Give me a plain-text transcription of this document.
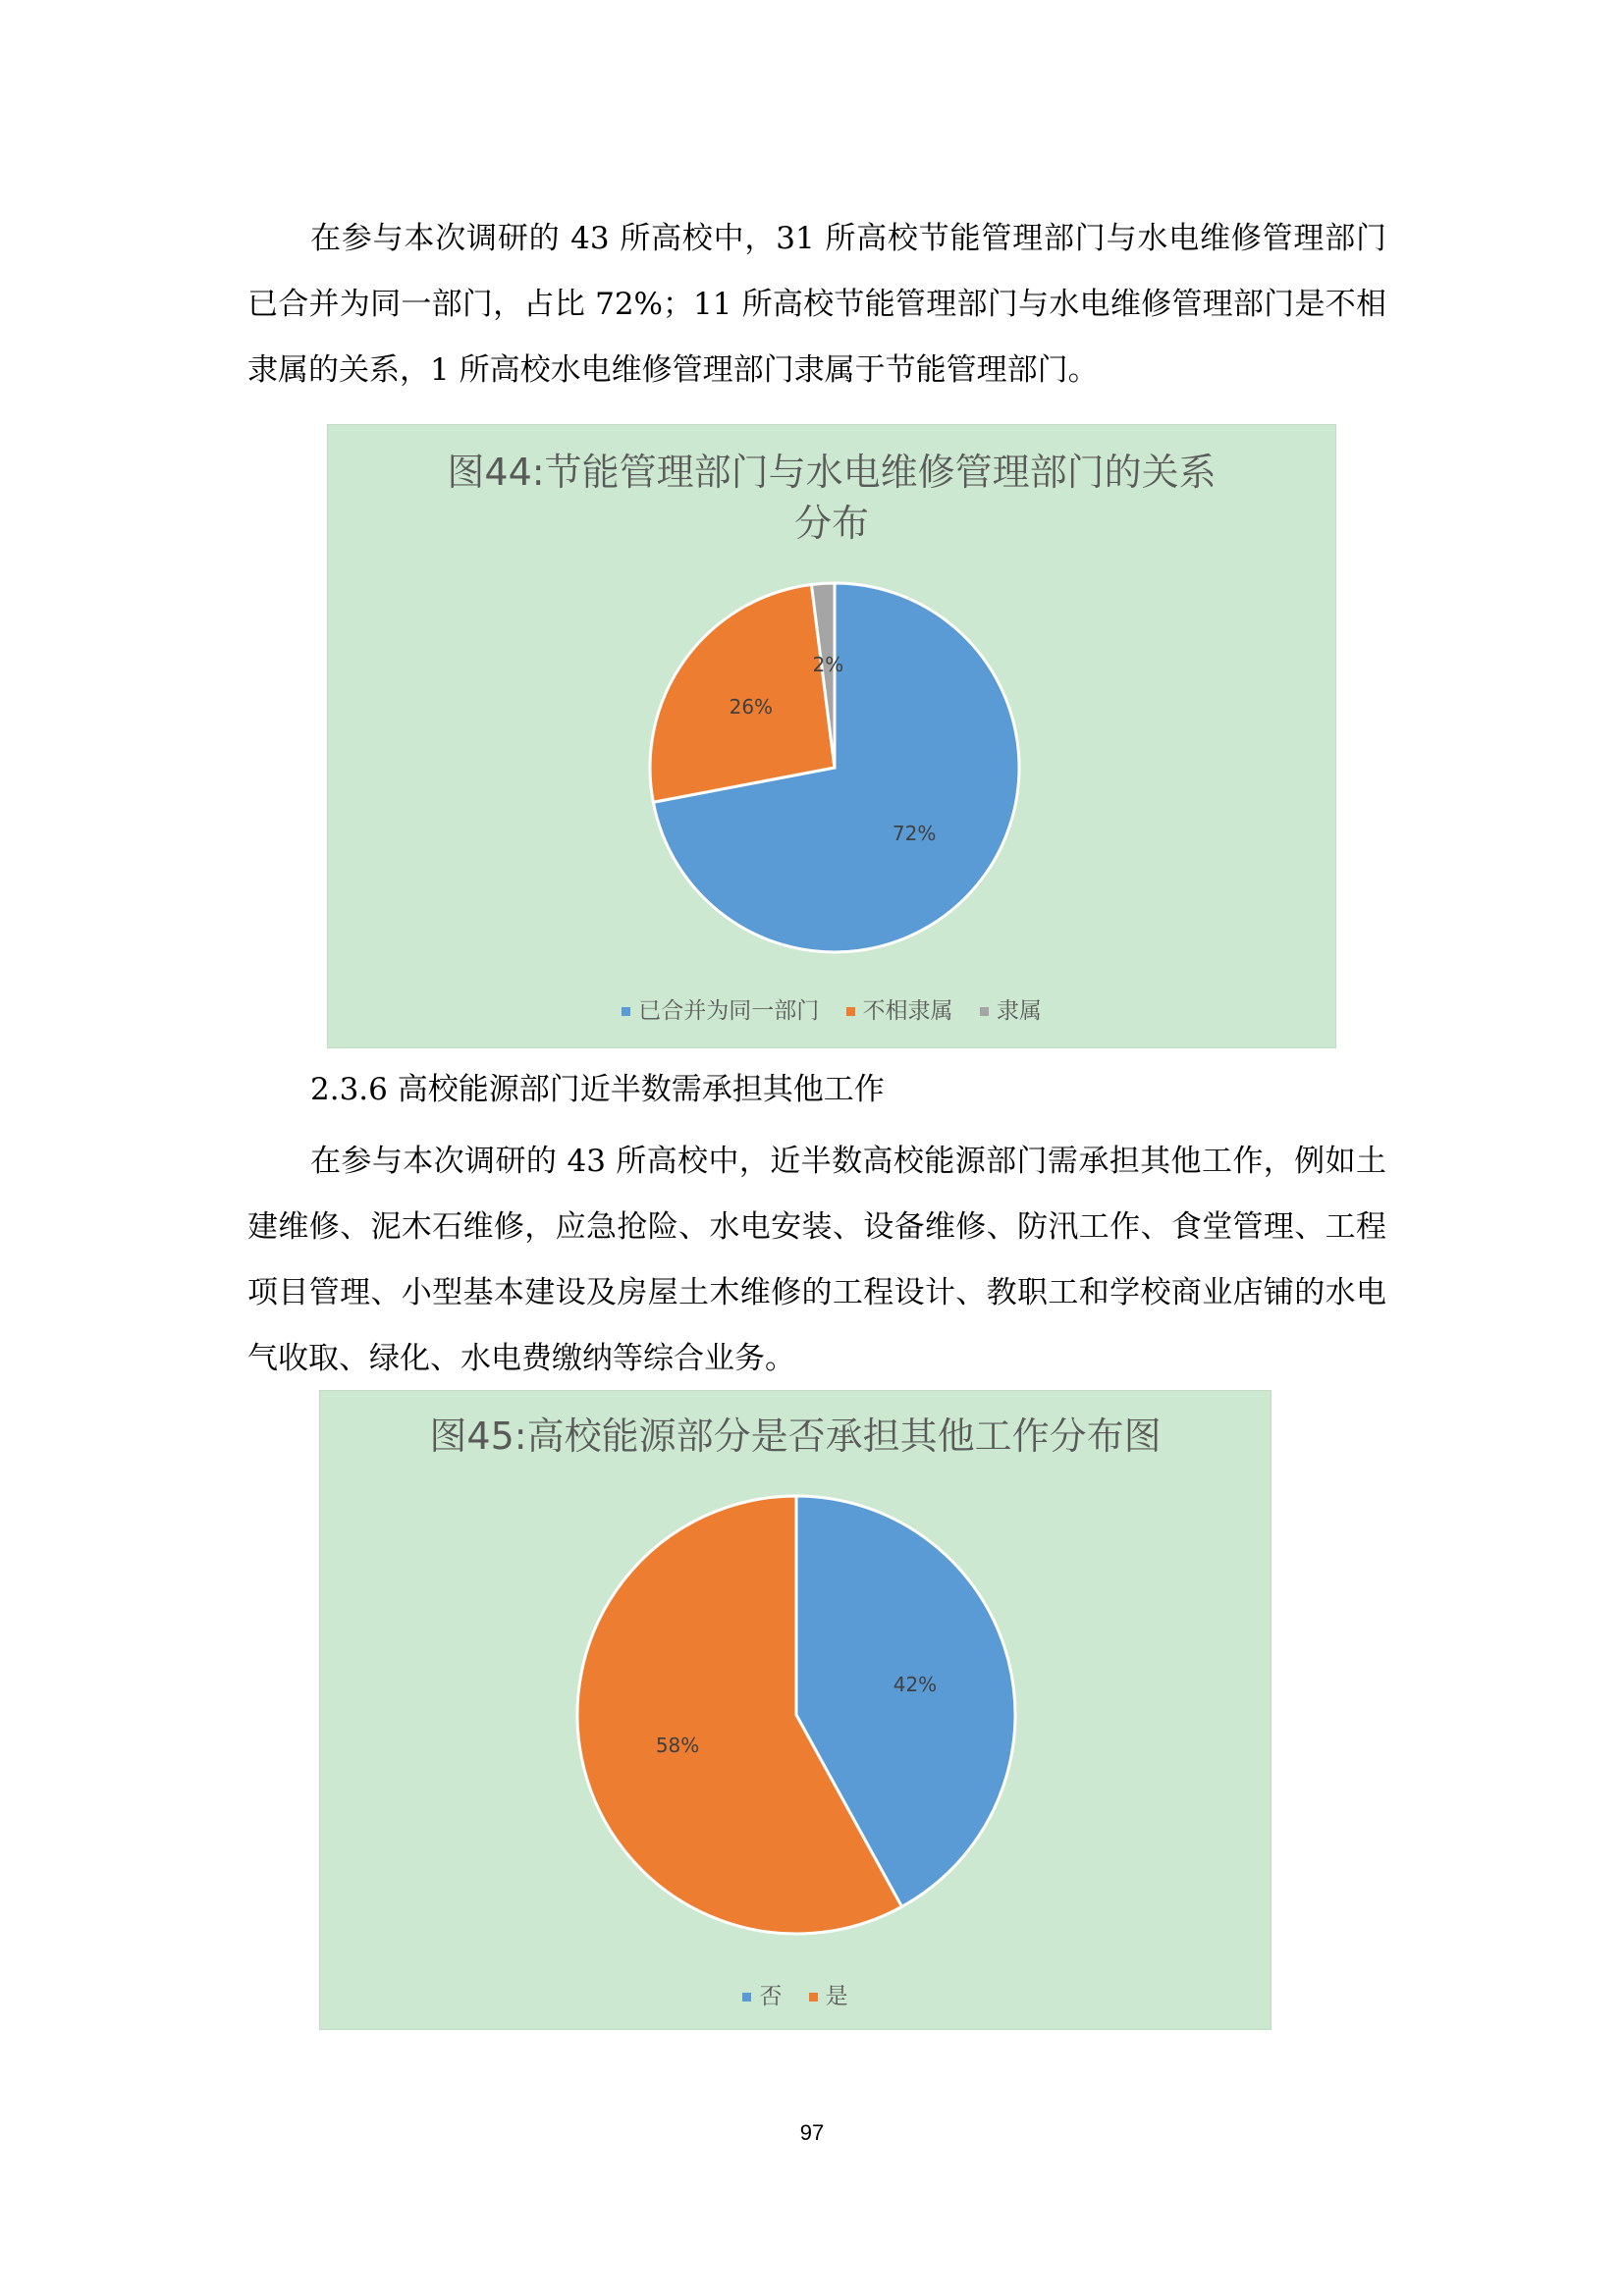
在参与本次调研的 43 所高校中，31 所高校节能管理部门与水电维修管理部门已合并为同一部门，占比 72%；11 所高校节能管理部门与水电维修管理部门是不相隶属的关系，1 所高校水电维修管理部门隶属于节能管理部门。

图44:节能管理部门与水电维修管理部门的关系
分布
72%
26%
2%
已合并为同一部门 不相隶属 隶属

2.3.6 高校能源部门近半数需承担其他工作

在参与本次调研的 43 所高校中，近半数高校能源部门需承担其他工作，例如土建维修、泥木石维修，应急抢险、水电安装、设备维修、防汛工作、食堂管理、工程项目管理、小型基本建设及房屋土木维修的工程设计、教职工和学校商业店铺的水电气收取、绿化、水电费缴纳等综合业务。

图45:高校能源部分是否承担其他工作分布图
42%
58%
否 是
97
